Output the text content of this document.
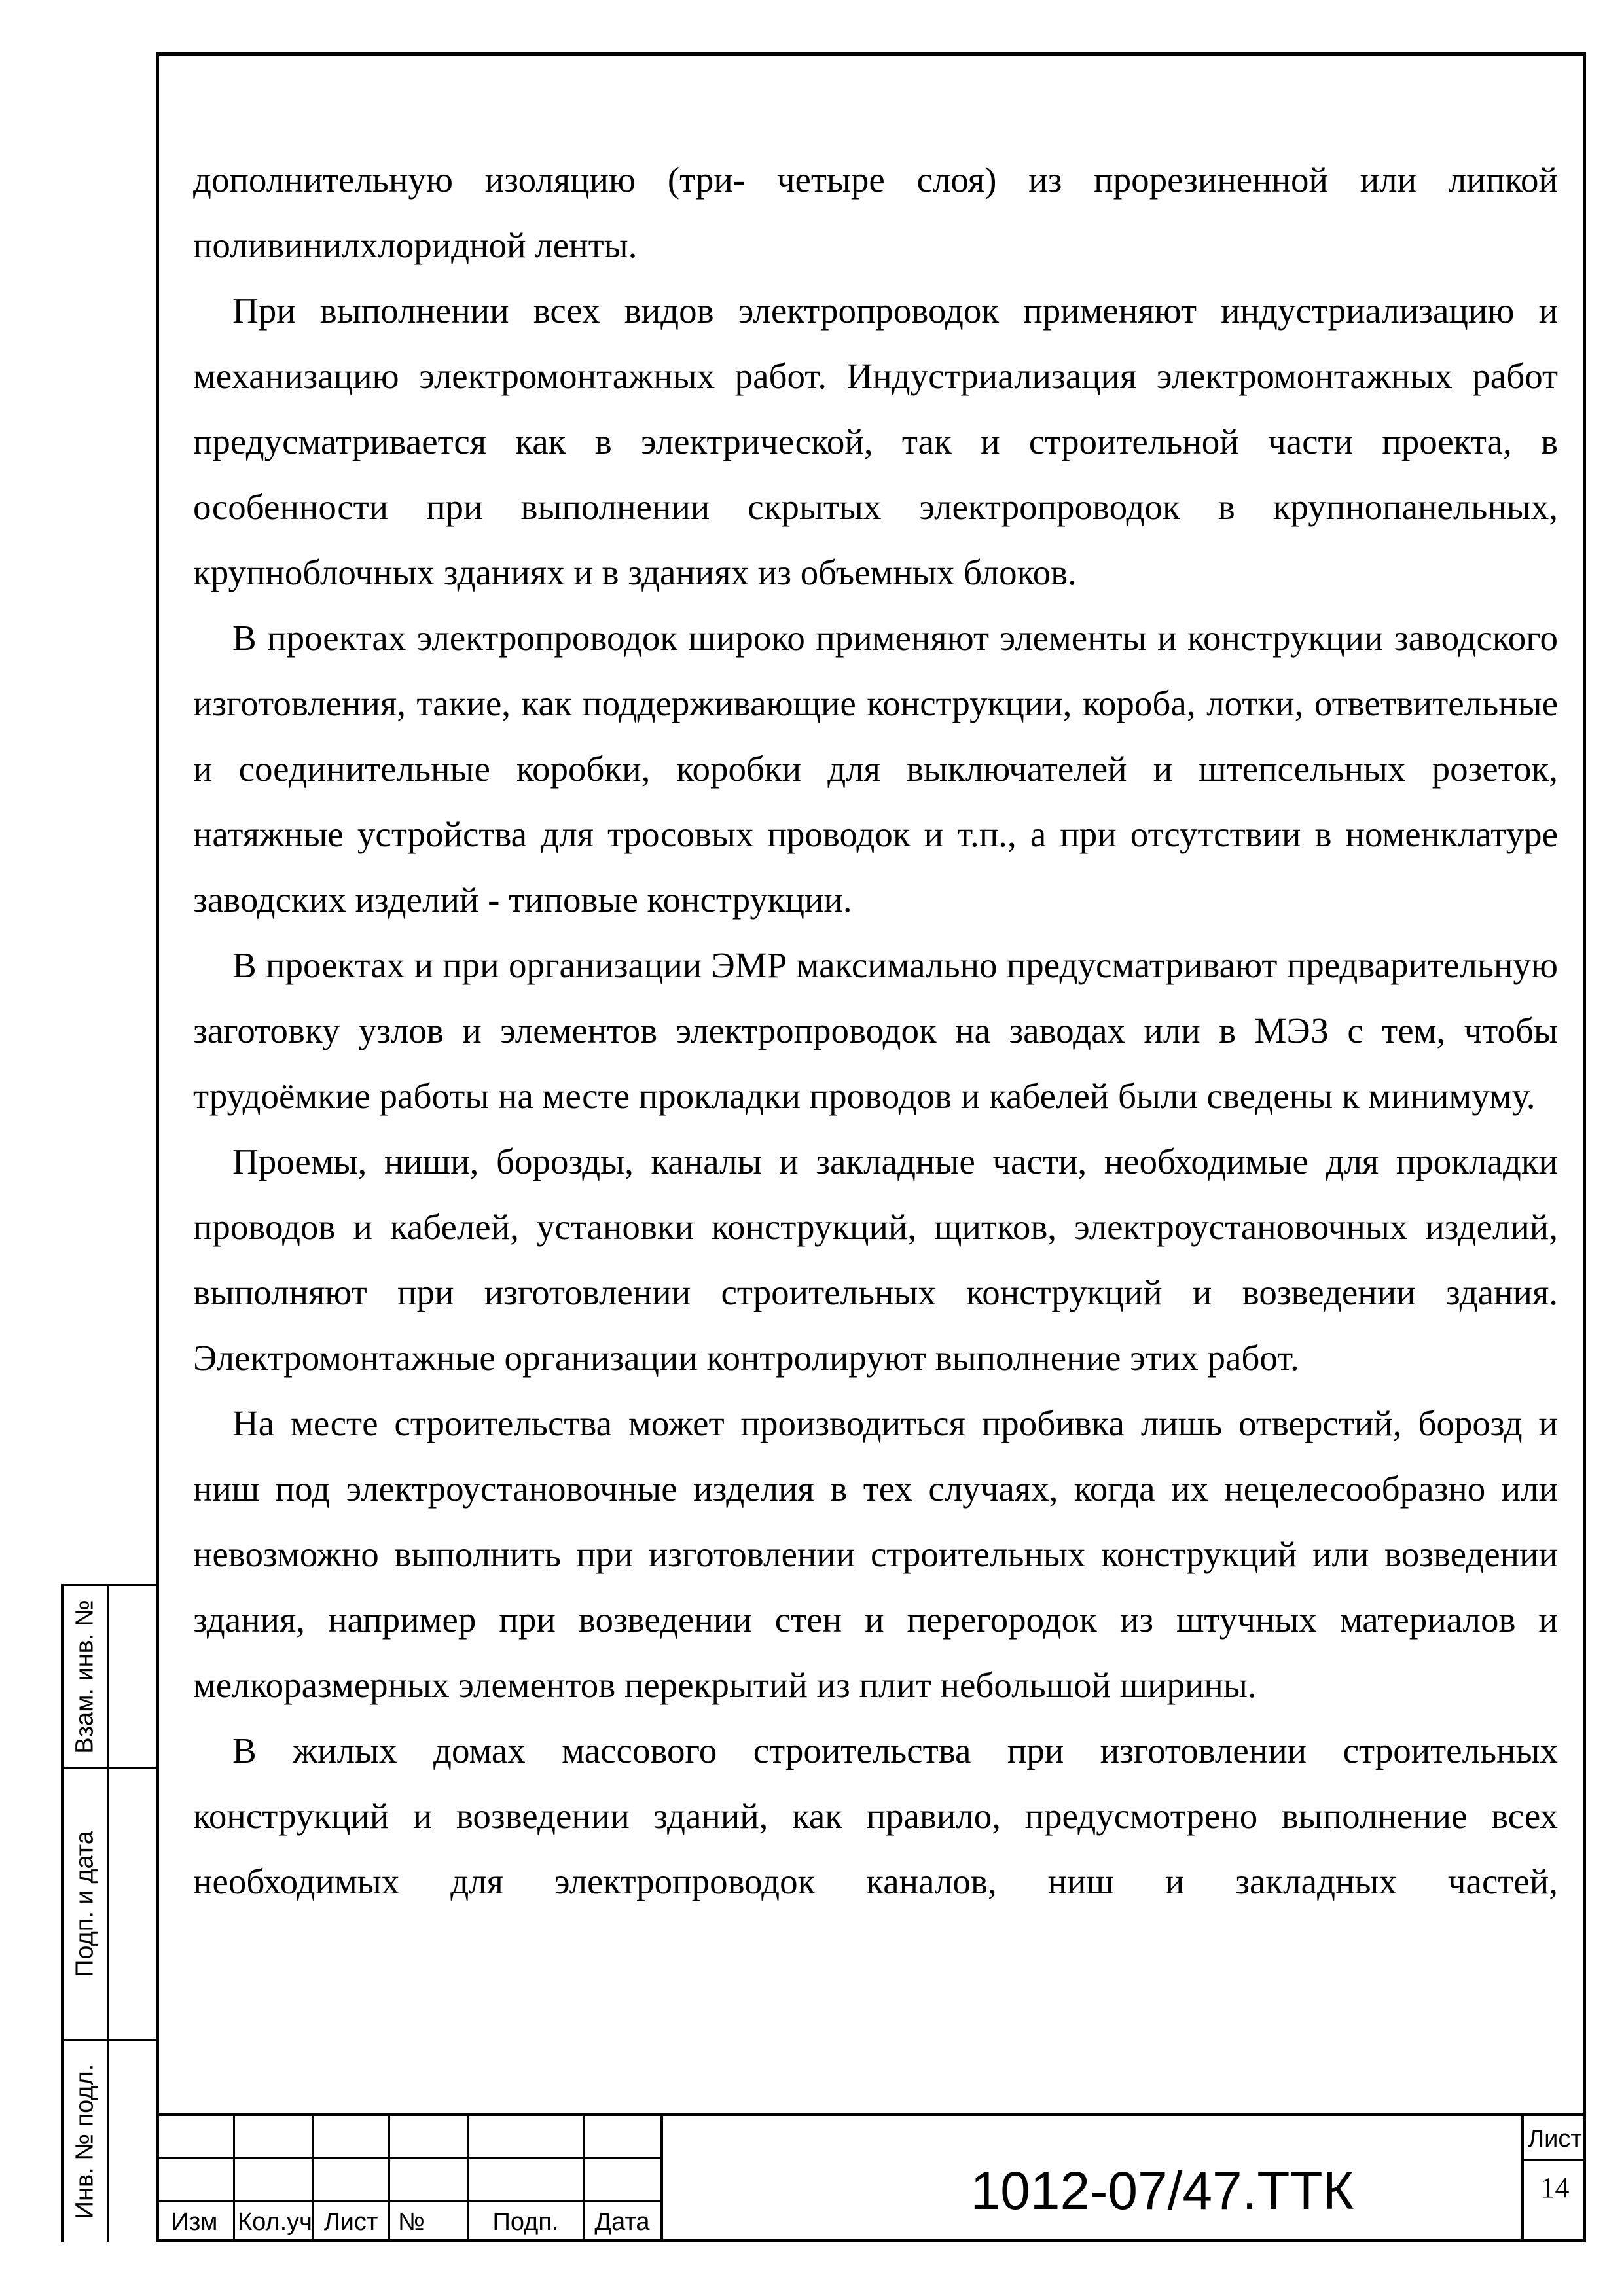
дополнительную изоляцию (три- четыре слоя) из прорезиненной или липкой поливинилхлоридной ленты.

При выполнении всех видов электропроводок применяют индустриализацию и механизацию электромонтажных работ. Индустриализация электромонтажных работ предусматривается как в электрической, так и строительной части проекта, в особенности при выполнении скрытых электропроводок в крупнопанельных, крупноблочных зданиях и в зданиях из объемных блоков.

В проектах электропроводок широко применяют элементы и конструкции заводского изготовления, такие, как поддерживающие конструкции, короба, лотки, ответвительные и соединительные коробки, коробки для выключателей и штепсельных розеток, натяжные устройства для тросовых проводок и т.п., а при отсутствии в номенклатуре заводских изделий - типовые конструкции.

В проектах и при организации ЭМР максимально предусматривают предварительную заготовку узлов и элементов электропроводок на заводах или в МЭЗ с тем, чтобы трудоёмкие работы на месте прокладки проводов и кабелей были сведены к минимуму.

Проемы, ниши, борозды, каналы и закладные части, необходимые для прокладки проводов и кабелей, установки конструкций, щитков, электроустановочных изделий, выполняют при изготовлении строительных конструкций и возведении здания. Электромонтажные организации контролируют выполнение этих работ.

На месте строительства может производиться пробивка лишь отверстий, борозд и ниш под электроустановочные изделия в тех случаях, когда их нецелесообразно или невозможно выполнить при изготовлении строительных конструкций или возведении здания, например при возведении стен и перегородок из штучных материалов и мелкоразмерных элементов перекрытий из плит небольшой ширины.

В жилых домах массового строительства при изготовлении строительных конструкций и возведении зданий, как правило, предусмотрено выполнение всех необходимых для электропроводок каналов, ниш и закладных частей,

Взам. инв. №
Подп. и дата
Инв. № подл.
Изм Кол.уч Лист №	Подп.	Дата
1012-07/47.ТТК
Лист
14
